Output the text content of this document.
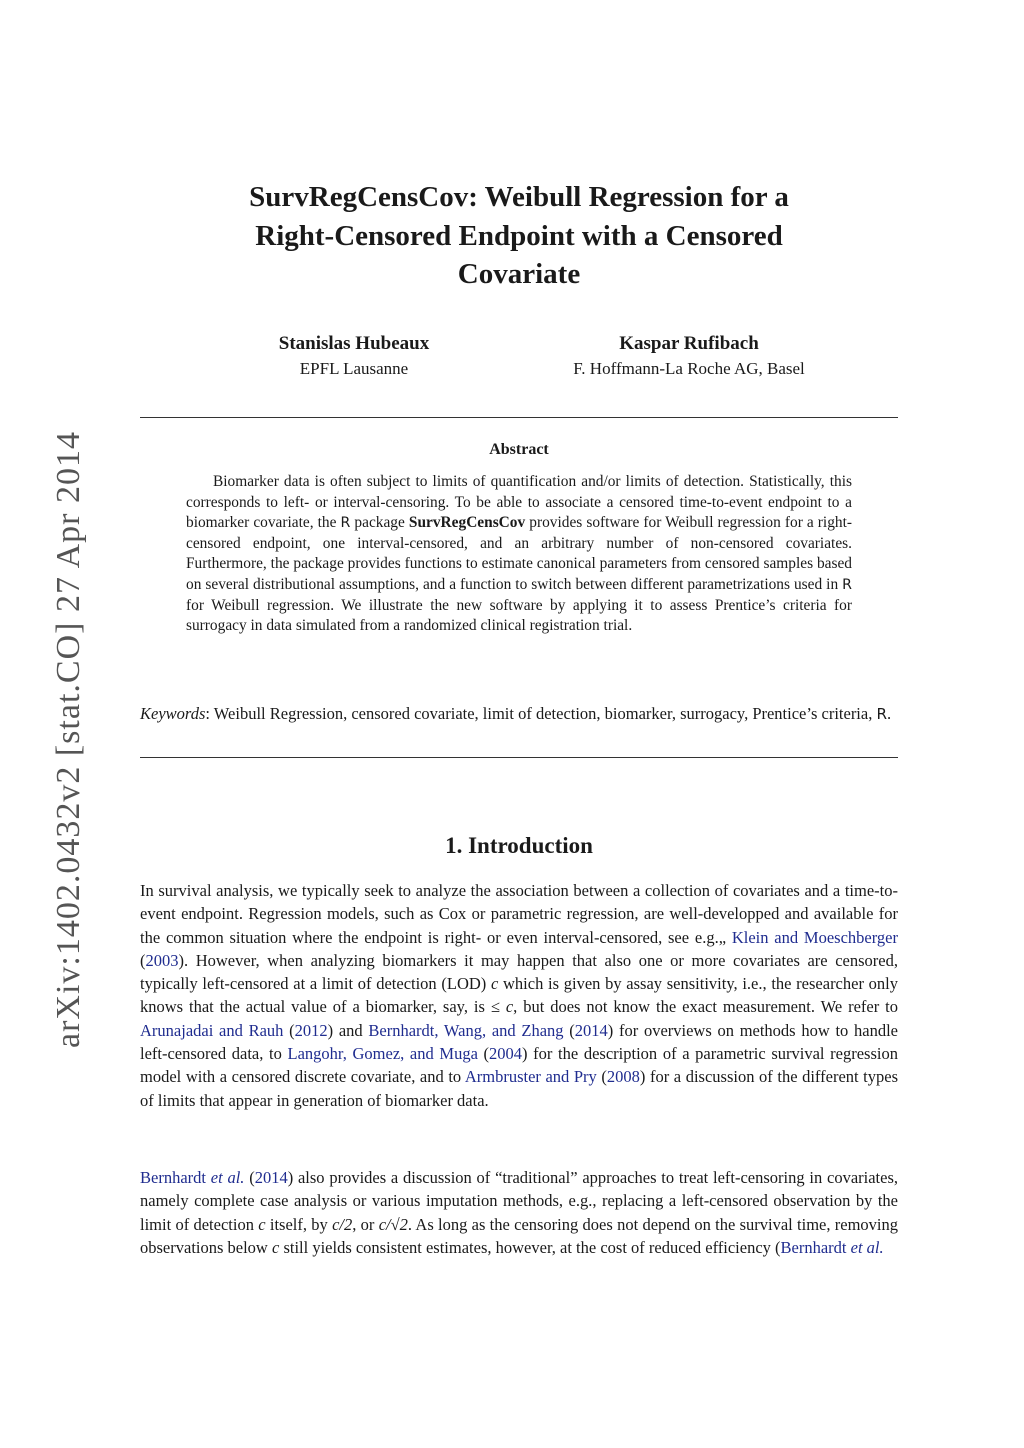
arXiv:1402.0432v2 [stat.CO] 27 Apr 2014
SurvRegCensCov: Weibull Regression for a
Right-Censored Endpoint with a Censored
Covariate
Stanislas Hubeaux
EPFL Lausanne
Kaspar Rufibach
F. Hoffmann-La Roche AG, Basel
Abstract
Biomarker data is often subject to limits of quantification and/or limits of detection. Statistically, this corresponds to left- or interval-censoring. To be able to associate a censored time-to-event endpoint to a biomarker covariate, the R package SurvRegCensCov provides software for Weibull regression for a right-censored endpoint, one interval-censored, and an arbitrary number of non-censored covariates. Furthermore, the package provides functions to estimate canonical parameters from censored samples based on several distributional assumptions, and a function to switch between different parametrizations used in R for Weibull regression. We illustrate the new software by applying it to assess Prentice’s criteria for surrogacy in data simulated from a randomized clinical registration trial.
Keywords: Weibull Regression, censored covariate, limit of detection, biomarker, surrogacy, Prentice’s criteria, R.
1. Introduction
In survival analysis, we typically seek to analyze the association between a collection of covariates and a time-to-event endpoint. Regression models, such as Cox or parametric regression, are well-developped and available for the common situation where the endpoint is right- or even interval-censored, see e.g.„ Klein and Moeschberger (2003). However, when analyzing biomarkers it may happen that also one or more covariates are censored, typically left-censored at a limit of detection (LOD) c which is given by assay sensitivity, i.e., the researcher only knows that the actual value of a biomarker, say, is ≤ c, but does not know the exact measurement. We refer to Arunajadai and Rauh (2012) and Bernhardt, Wang, and Zhang (2014) for overviews on methods how to handle left-censored data, to Langohr, Gomez, and Muga (2004) for the description of a parametric survival regression model with a censored discrete covariate, and to Armbruster and Pry (2008) for a discussion of the different types of limits that appear in generation of biomarker data.
Bernhardt et al. (2014) also provides a discussion of “traditional” approaches to treat left-censoring in covariates, namely complete case analysis or various imputation methods, e.g., replacing a left-censored observation by the limit of detection c itself, by c/2, or c/√2. As long as the censoring does not depend on the survival time, removing observations below c still yields consistent estimates, however, at the cost of reduced efficiency (Bernhardt et al.
